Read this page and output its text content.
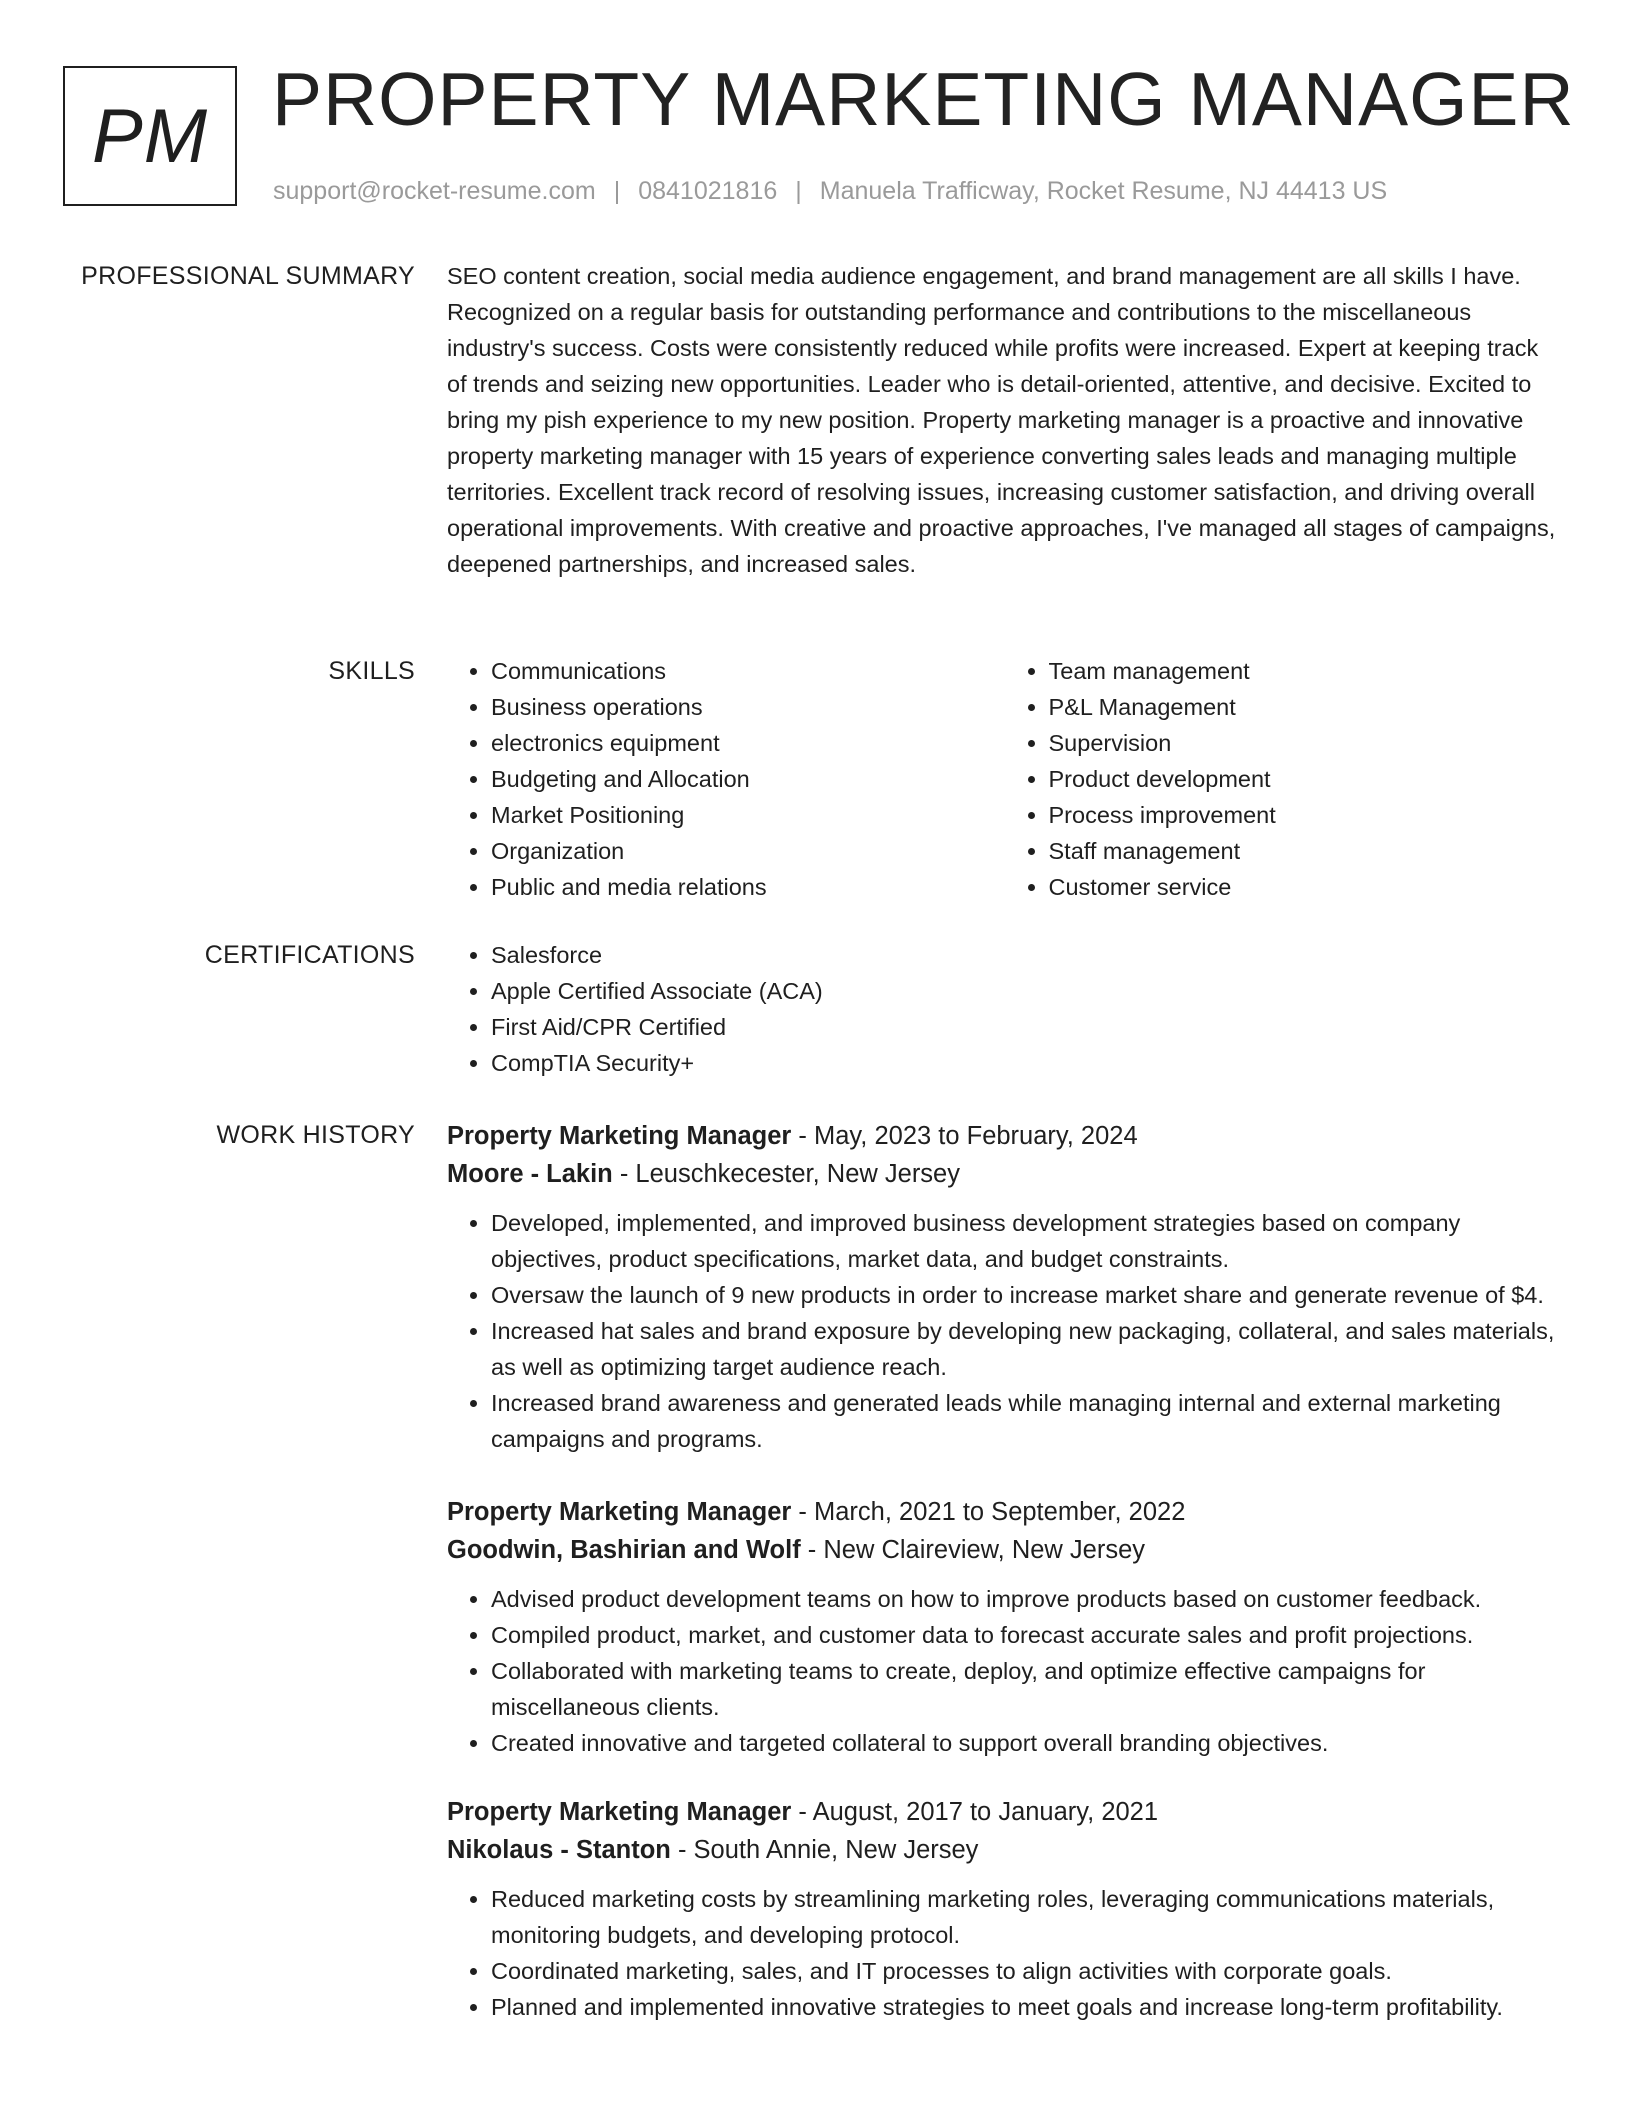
PM PROPERTY MARKETING MANAGER
support@rocket-resume.com | 0841021816 | Manuela Trafficway, Rocket Resume, NJ 44413 US
PROFESSIONAL SUMMARY SEO content creation, social media audience engagement, and brand management are all skills I have. Recognized on a regular basis for outstanding performance and contributions to the miscellaneous industry's success. Costs were consistently reduced while profits were increased. Expert at keeping track of trends and seizing new opportunities. Leader who is detail-oriented, attentive, and decisive. Excited to bring my pish experience to my new position. Property marketing manager is a proactive and innovative property marketing manager with 15 years of experience converting sales leads and managing multiple territories. Excellent track record of resolving issues, increasing customer satisfaction, and driving overall operational improvements. With creative and proactive approaches, I've managed all stages of campaigns, deepened partnerships, and increased sales.

SKILLS	• Communications
• Business operations
• electronics equipment
• Budgeting and Allocation
• Market Positioning
• Organization
• Public and media relations
• Team management
• P&L Management
• Supervision
• Product development
• Process improvement
• Staff management
• Customer service
CERTIFICATIONS	• Salesforce
• Apple Certified Associate (ACA)
• First Aid/CPR Certified
• CompTIA Security+
WORK HISTORY Property Marketing Manager - May, 2023 to February, 2024
Moore - Lakin - Leuschkecester, New Jersey
• Developed, implemented, and improved business development strategies based on company objectives, product specifications, market data, and budget constraints.
• Oversaw the launch of 9 new products in order to increase market share and generate revenue of $4.
• Increased hat sales and brand exposure by developing new packaging, collateral, and sales materials, as well as optimizing target audience reach.
• Increased brand awareness and generated leads while managing internal and external marketing campaigns and programs.
Property Marketing Manager - March, 2021 to September, 2022
Goodwin, Bashirian and Wolf - New Claireview, New Jersey
• Advised product development teams on how to improve products based on customer feedback.
• Compiled product, market, and customer data to forecast accurate sales and profit projections.
• Collaborated with marketing teams to create, deploy, and optimize effective campaigns for miscellaneous clients.
• Created innovative and targeted collateral to support overall branding objectives.
Property Marketing Manager - August, 2017 to January, 2021
Nikolaus - Stanton - South Annie, New Jersey
• Reduced marketing costs by streamlining marketing roles, leveraging communications materials, monitoring budgets, and developing protocol.
• Coordinated marketing, sales, and IT processes to align activities with corporate goals.
• Planned and implemented innovative strategies to meet goals and increase long-term profitability.
